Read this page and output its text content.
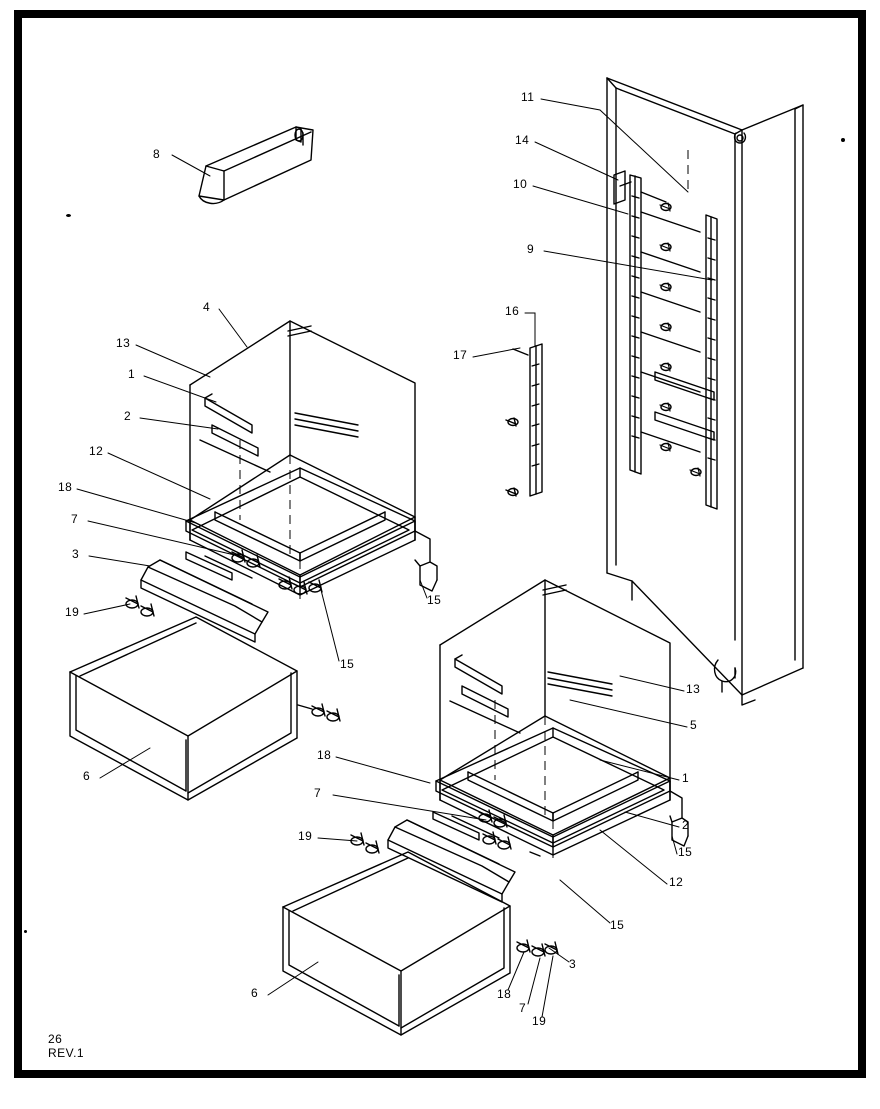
8
11
14
10
9
16
17
4
13
1
2
12
18
7
3
19
15
15
6
13
5
1
2
15
12
18
7
19
15
3
18
7
19
6
26
REV.1
